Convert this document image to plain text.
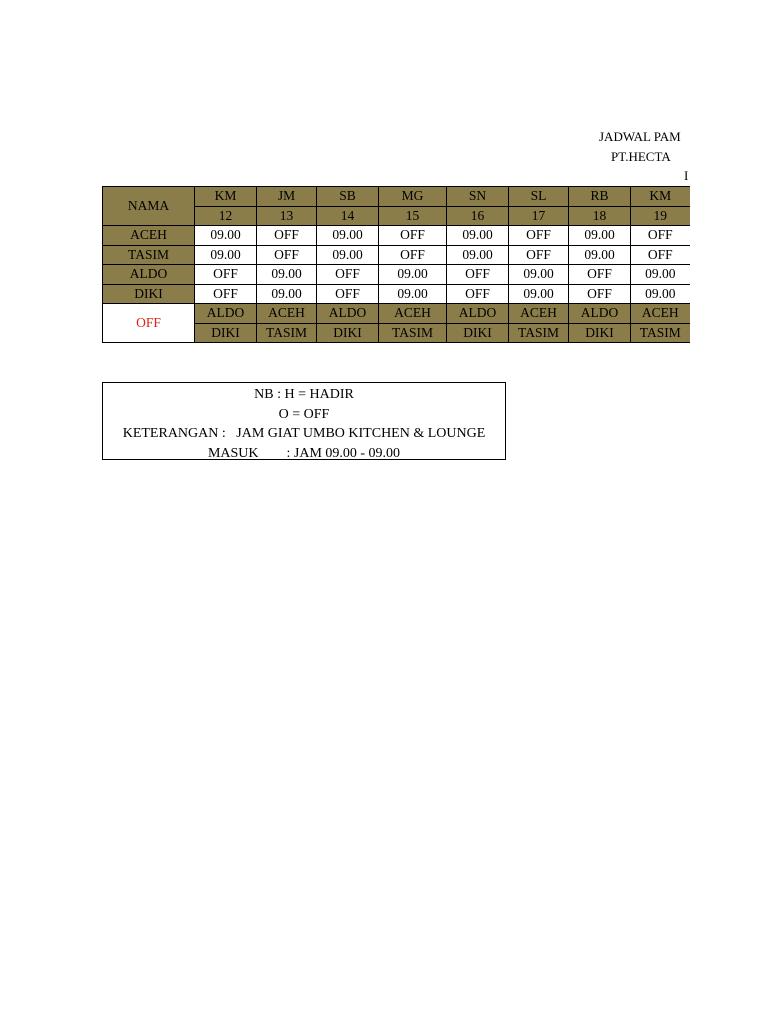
JADWAL PAM
PT.HECTA
I
NAMA	KM	JM	SB	MG	SN	SL	RB	KM
	12	13	14	15	16	17	18	19
ACEH	09.00	OFF	09.00	OFF	09.00	OFF	09.00	OFF
TASIM	09.00	OFF	09.00	OFF	09.00	OFF	09.00	OFF
ALDO	OFF	09.00	OFF	09.00	OFF	09.00	OFF	09.00
DIKI	OFF	09.00	OFF	09.00	OFF	09.00	OFF	09.00
OFF	ALDO	ACEH	ALDO	ACEH	ALDO	ACEH	ALDO	ACEH
	DIKI	TASIM	DIKI	TASIM	DIKI	TASIM	DIKI	TASIM
NB : H = HADIR
O = OFF
KETERANGAN :   JAM GIAT UMBO KITCHEN & LOUNGE
MASUK        : JAM 09.00 - 09.00
